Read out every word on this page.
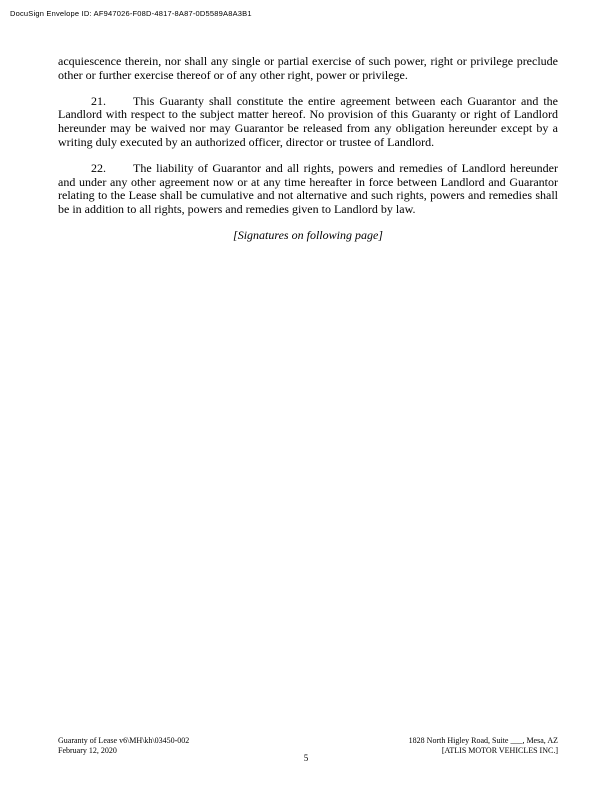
DocuSign Envelope ID: AF947026-F08D-4817-8A87-0D5589A8A3B1

acquiescence therein, nor shall any single or partial exercise of such power, right or privilege preclude other or further exercise thereof or of any other right, power or privilege.

21. This Guaranty shall constitute the entire agreement between each Guarantor and the Landlord with respect to the subject matter hereof. No provision of this Guaranty or right of Landlord hereunder may be waived nor may Guarantor be released from any obligation hereunder except by a writing duly executed by an authorized officer, director or trustee of Landlord.

22. The liability of Guarantor and all rights, powers and remedies of Landlord hereunder and under any other agreement now or at any time hereafter in force between Landlord and Guarantor relating to the Lease shall be cumulative and not alternative and such rights, powers and remedies shall be in addition to all rights, powers and remedies given to Landlord by law.

[Signatures on following page]

Guaranty of Lease v6\MH\kh\03450-002
February 12, 2020
1828 North Higley Road, Suite ___, Mesa, AZ
[ATLIS MOTOR VEHICLES INC.]
5
